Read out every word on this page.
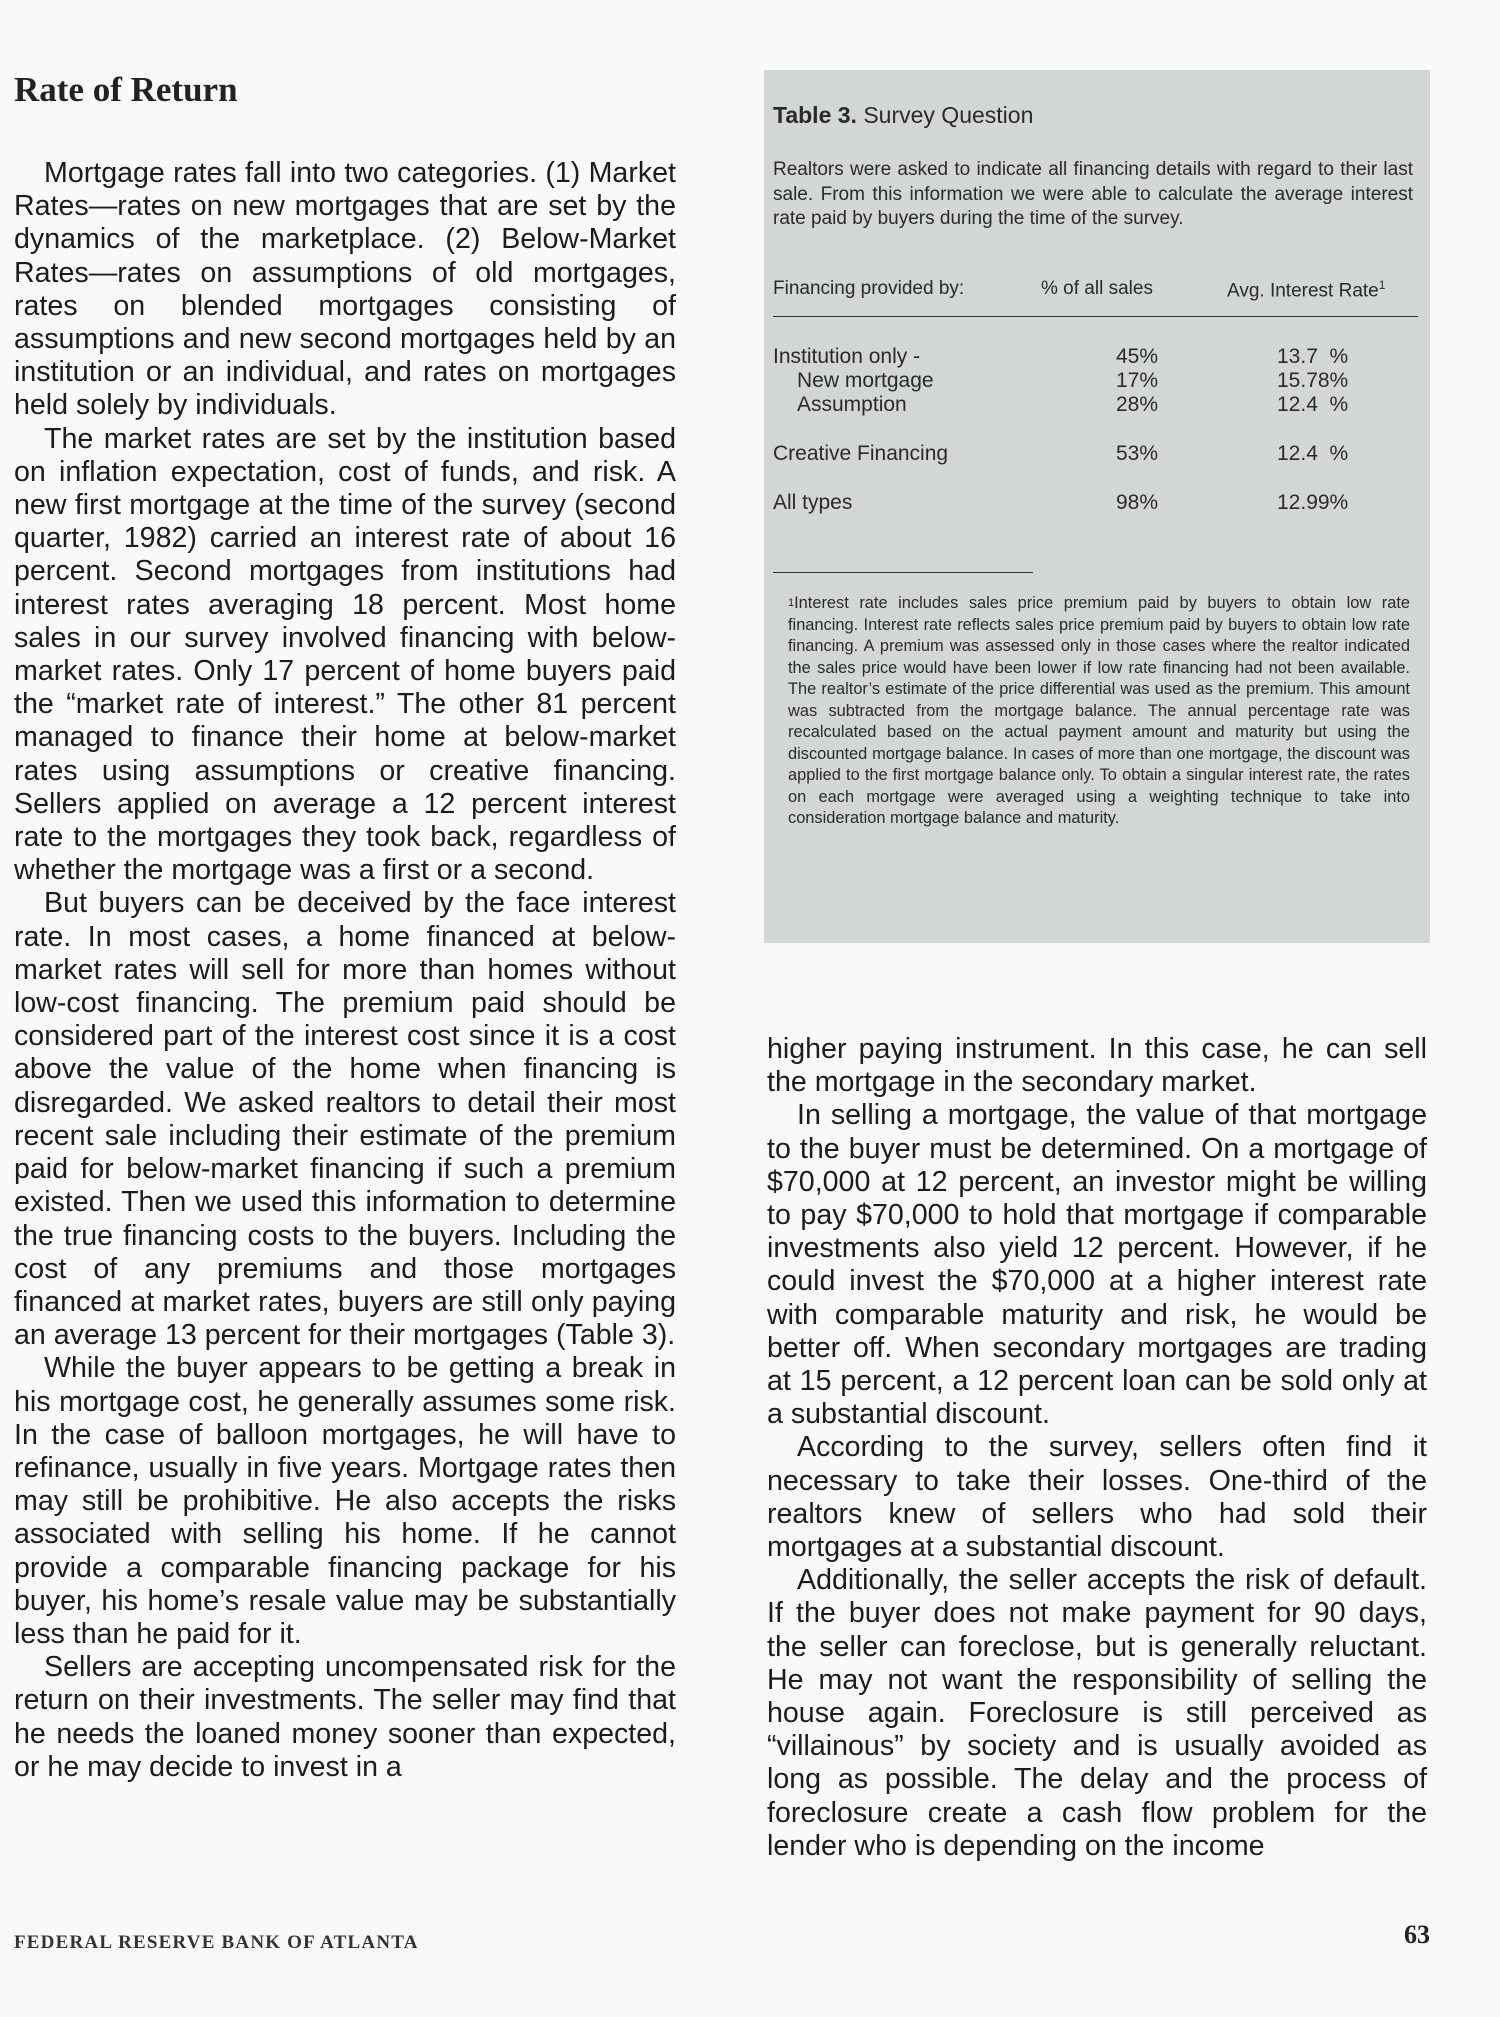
Rate of Return

Mortgage rates fall into two categories. (1) Market Rates—rates on new mortgages that are set by the dynamics of the marketplace. (2) Below-Market Rates—rates on assumptions of old mortgages, rates on blended mortgages consisting of assumptions and new second mortgages held by an institution or an individual, and rates on mortgages held solely by individuals.

The market rates are set by the institution based on inflation expectation, cost of funds, and risk. A new first mortgage at the time of the survey (second quarter, 1982) carried an interest rate of about 16 percent. Second mortgages from institutions had interest rates averaging 18 percent. Most home sales in our survey involved financing with below-market rates. Only 17 percent of home buyers paid the “market rate of interest.” The other 81 percent managed to finance their home at below-market rates using assumptions or creative financing. Sellers applied on average a 12 percent interest rate to the mortgages they took back, regardless of whether the mortgage was a first or a second.

But buyers can be deceived by the face interest rate. In most cases, a home financed at below-market rates will sell for more than homes without low-cost financing. The premium paid should be considered part of the interest cost since it is a cost above the value of the home when financing is disregarded. We asked realtors to detail their most recent sale including their estimate of the premium paid for below-market financing if such a premium existed. Then we used this information to determine the true financing costs to the buyers. Including the cost of any premiums and those mortgages financed at market rates, buyers are still only paying an average 13 percent for their mortgages (Table 3).

While the buyer appears to be getting a break in his mortgage cost, he generally assumes some risk. In the case of balloon mortgages, he will have to refinance, usually in five years. Mortgage rates then may still be prohibitive. He also accepts the risks associated with selling his home. If he cannot provide a comparable financing package for his buyer, his home’s resale value may be substantially less than he paid for it.

Sellers are accepting uncompensated risk for the return on their investments. The seller may find that he needs the loaned money sooner than expected, or he may decide to invest in a

Table 3. Survey Question

Realtors were asked to indicate all financing details with regard to their last sale. From this information we were able to calculate the average interest rate paid by buyers during the time of the survey.

Financing provided by:	% of all sales	Avg. Interest Rate$^1$
Institution only -	45%	13.7  %
New mortgage	17%	15.78%
Assumption	28%	12.4  %
Creative Financing	53%	12.4  %
All types	98%	12.99%

$^1$Interest rate includes sales price premium paid by buyers to obtain low rate financing. Interest rate reflects sales price premium paid by buyers to obtain low rate financing. A premium was assessed only in those cases where the realtor indicated the sales price would have been lower if low rate financing had not been available. The realtor’s estimate of the price differential was used as the premium. This amount was subtracted from the mortgage balance. The annual percentage rate was recalculated based on the actual payment amount and maturity but using the discounted mortgage balance. In cases of more than one mortgage, the discount was applied to the first mortgage balance only. To obtain a singular interest rate, the rates on each mortgage were averaged using a weighting technique to take into consideration mortgage balance and maturity.

higher paying instrument. In this case, he can sell the mortgage in the secondary market.

In selling a mortgage, the value of that mortgage to the buyer must be determined. On a mortgage of $70,000 at 12 percent, an investor might be willing to pay $70,000 to hold that mortgage if comparable investments also yield 12 percent. However, if he could invest the $70,000 at a higher interest rate with comparable maturity and risk, he would be better off. When secondary mortgages are trading at 15 percent, a 12 percent loan can be sold only at a substantial discount.

According to the survey, sellers often find it necessary to take their losses. One-third of the realtors knew of sellers who had sold their mortgages at a substantial discount.

Additionally, the seller accepts the risk of default. If the buyer does not make payment for 90 days, the seller can foreclose, but is generally reluctant. He may not want the responsibility of selling the house again. Foreclosure is still perceived as “villainous” by society and is usually avoided as long as possible. The delay and the process of foreclosure create a cash flow problem for the lender who is depending on the income

FEDERAL RESERVE BANK OF ATLANTA	63
